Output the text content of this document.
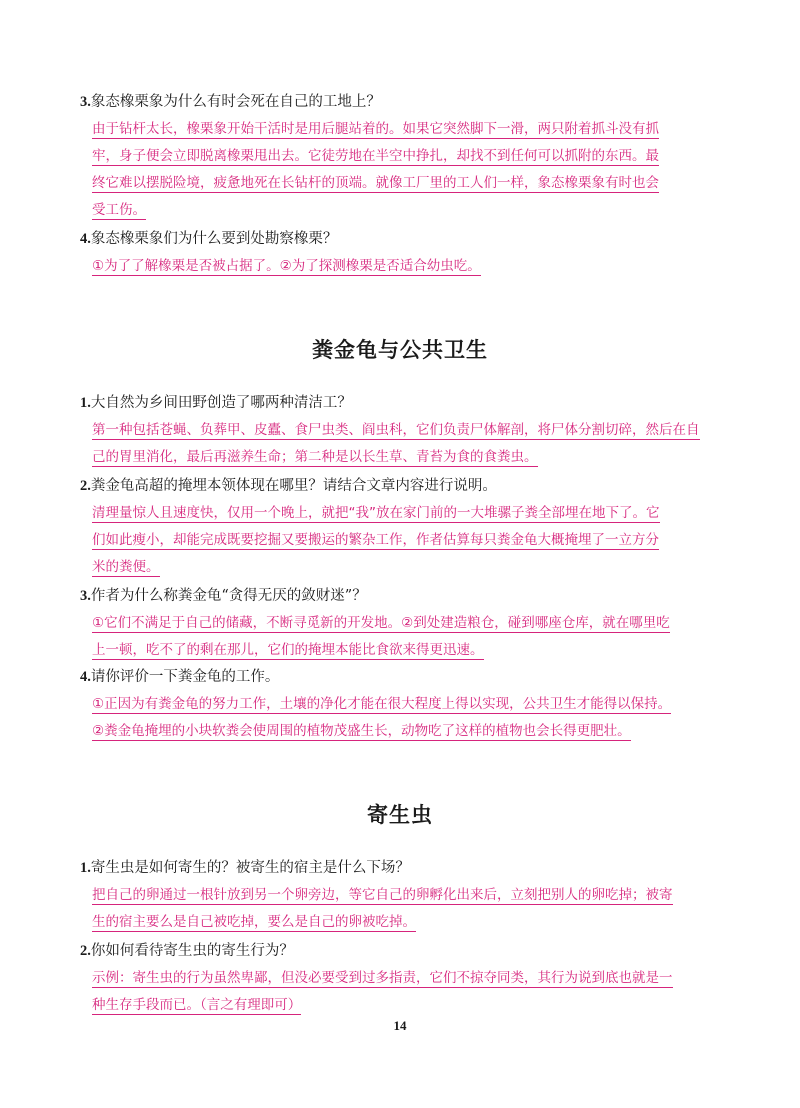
3.象态橡栗象为什么有时会死在自己的工地上？
由于钻杆太长，橡栗象开始干活时是用后腿站着的。如果它突然脚下一滑，两只附着抓斗没有抓
牢，身子便会立即脱离橡栗甩出去。它徒劳地在半空中挣扎，却找不到任何可以抓附的东西。最
终它难以摆脱险境，疲惫地死在长钻杆的顶端。就像工厂里的工人们一样，象态橡栗象有时也会
受工伤。
4.象态橡栗象们为什么要到处勘察橡栗？
①为了了解橡栗是否被占据了。②为了探测橡栗是否适合幼虫吃。
粪金龟与公共卫生
1.大自然为乡间田野创造了哪两种清洁工？
第一种包括苍蝇、负葬甲、皮蠹、食尸虫类、阎虫科，它们负责尸体解剖，将尸体分割切碎，然后在自
己的胃里消化，最后再滋养生命；第二种是以长生草、青苔为食的食粪虫。
2.粪金龟高超的掩埋本领体现在哪里？请结合文章内容进行说明。
清理量惊人且速度快，仅用一个晚上，就把“我”放在家门前的一大堆骡子粪全部埋在地下了。它
们如此瘦小，却能完成既要挖掘又要搬运的繁杂工作，作者估算每只粪金龟大概掩埋了一立方分
米的粪便。
3.作者为什么称粪金龟“贪得无厌的敛财迷”？
①它们不满足于自己的储藏，不断寻觅新的开发地。②到处建造粮仓，碰到哪座仓库，就在哪里吃
上一顿，吃不了的剩在那儿，它们的掩埋本能比食欲来得更迅速。
4.请你评价一下粪金龟的工作。
①正因为有粪金龟的努力工作，土壤的净化才能在很大程度上得以实现，公共卫生才能得以保持。
②粪金龟掩埋的小块软粪会使周围的植物茂盛生长，动物吃了这样的植物也会长得更肥壮。
寄生虫
1.寄生虫是如何寄生的？被寄生的宿主是什么下场？
把自己的卵通过一根针放到另一个卵旁边，等它自己的卵孵化出来后，立刻把别人的卵吃掉；被寄
生的宿主要么是自己被吃掉，要么是自己的卵被吃掉。
2.你如何看待寄生虫的寄生行为？
示例：寄生虫的行为虽然卑鄙，但没必要受到过多指责，它们不掠夺同类，其行为说到底也就是一
种生存手段而已。（言之有理即可）
14
